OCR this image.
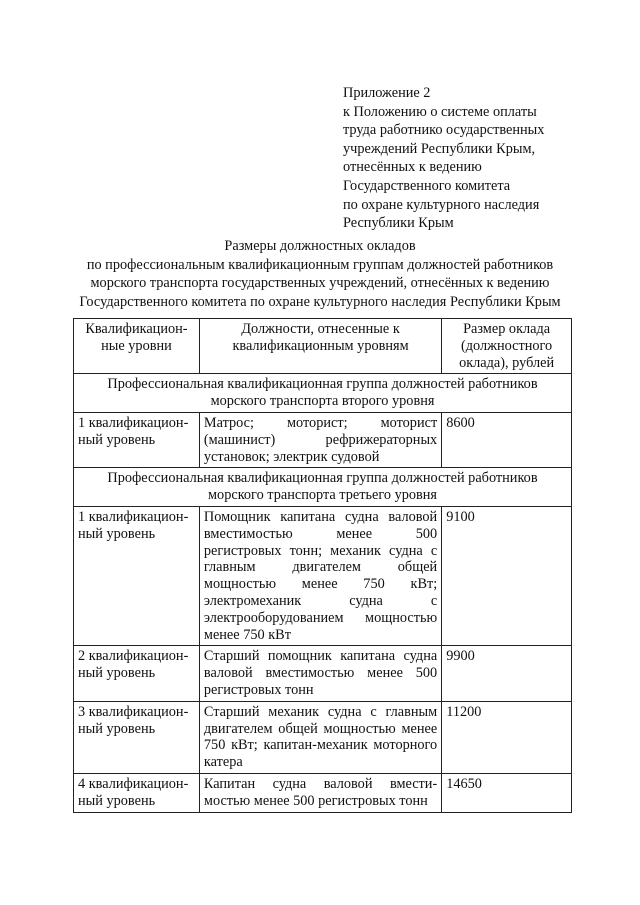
Приложение 2
к Положению о системе оплаты
труда работнико осударственных
учреждений Республики Крым,
отнесённых к ведению
Государственного комитета
по охране культурного наследия
Республики Крым
Размеры должностных окладов
по профессиональным квалификационным группам должностей работников
морского транспорта государственных учреждений, отнесённых к ведению
Государственного комитета по охране культурного наследия Республики Крым
Квалификацион-ные уровни	Должности, отнесенные к квалификационным уровням	Размер оклада (должностного оклада), рублей
Профессиональная квалификационная группа должностей работников морского транспорта второго уровня		
1 квалификацион-ный уровень	Матрос; моторист; моторист (машинист) рефрижераторных установок; электрик судовой	8600
Профессиональная квалификационная группа должностей работников морского транспорта третьего уровня		
1 квалификацион-ный уровень	Помощник капитана судна валовой вместимостью менее 500 регистровых тонн; механик судна с главным двигателем общей мощностью менее 750 кВт; электромеханик судна с электрооборудованием мощностью менее 750 кВт	9100
2 квалификацион-ный уровень	Старший помощник капитана судна валовой вместимостью менее 500 регистровых тонн	9900
3 квалификацион-ный уровень	Старший механик судна с главным двигателем общей мощностью менее 750 кВт; капитан-механик моторного катера	11200
4 квалификацион-ный уровень	Капитан судна валовой вмести-мостью менее 500 регистровых тонн	14650
